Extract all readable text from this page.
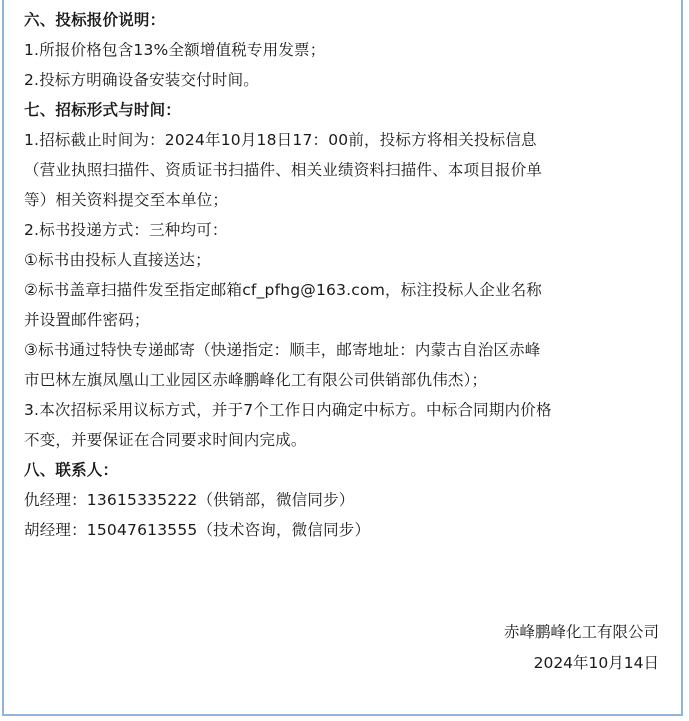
六、投标报价说明：
1.所报价格包含13%全额增值税专用发票；
2.投标方明确设备安装交付时间。
七、招标形式与时间：
1.招标截止时间为：2024年10月18日17：00前，投标方将相关投标信息
（营业执照扫描件、资质证书扫描件、相关业绩资料扫描件、本项目报价单
等）相关资料提交至本单位；
2.标书投递方式：三种均可：
①标书由投标人直接送达；
②标书盖章扫描件发至指定邮箱cf_pfhg@163.com，标注投标人企业名称
并设置邮件密码；
③标书通过特快专递邮寄（快递指定：顺丰，邮寄地址：内蒙古自治区赤峰
市巴林左旗凤凰山工业园区赤峰鹏峰化工有限公司供销部仇伟杰）；
3.本次招标采用议标方式，并于7个工作日内确定中标方。中标合同期内价格
不变，并要保证在合同要求时间内完成。
八、联系人：
仇经理：13615335222（供销部，微信同步）
胡经理：15047613555（技术咨询，微信同步）
赤峰鹏峰化工有限公司
2024年10月14日
